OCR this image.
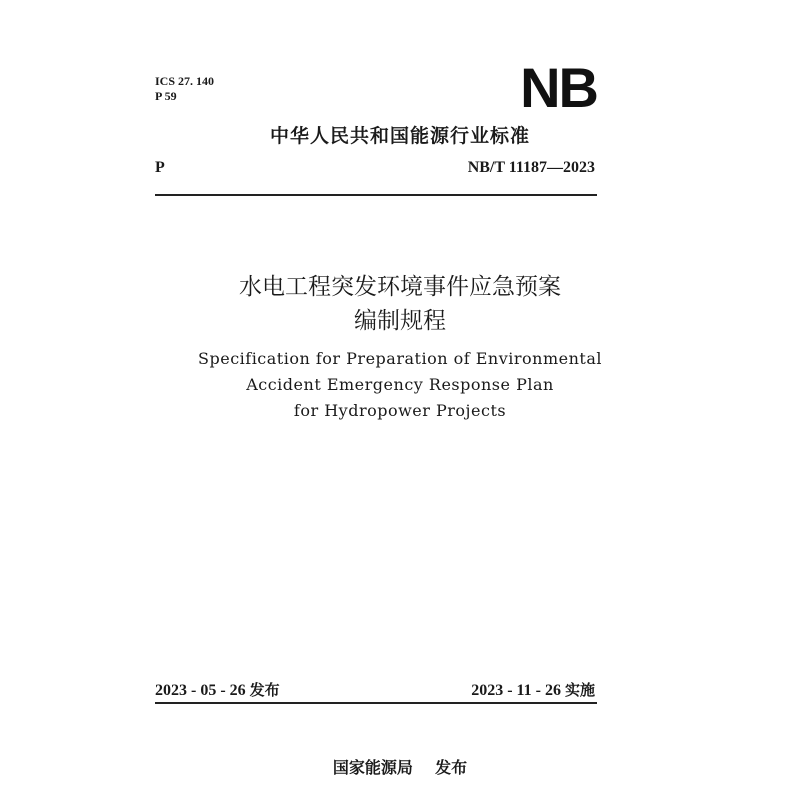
ICS 27. 140
P 59	NB
中华人民共和国能源行业标准
P	NB/T 11187—2023
水电工程突发环境事件应急预案
编制规程
Specification for Preparation of Environmental
Accident Emergency Response Plan
for Hydropower Projects
2023 - 05 - 26 发布	2023 - 11 - 26 实施
国家能源局 发布
